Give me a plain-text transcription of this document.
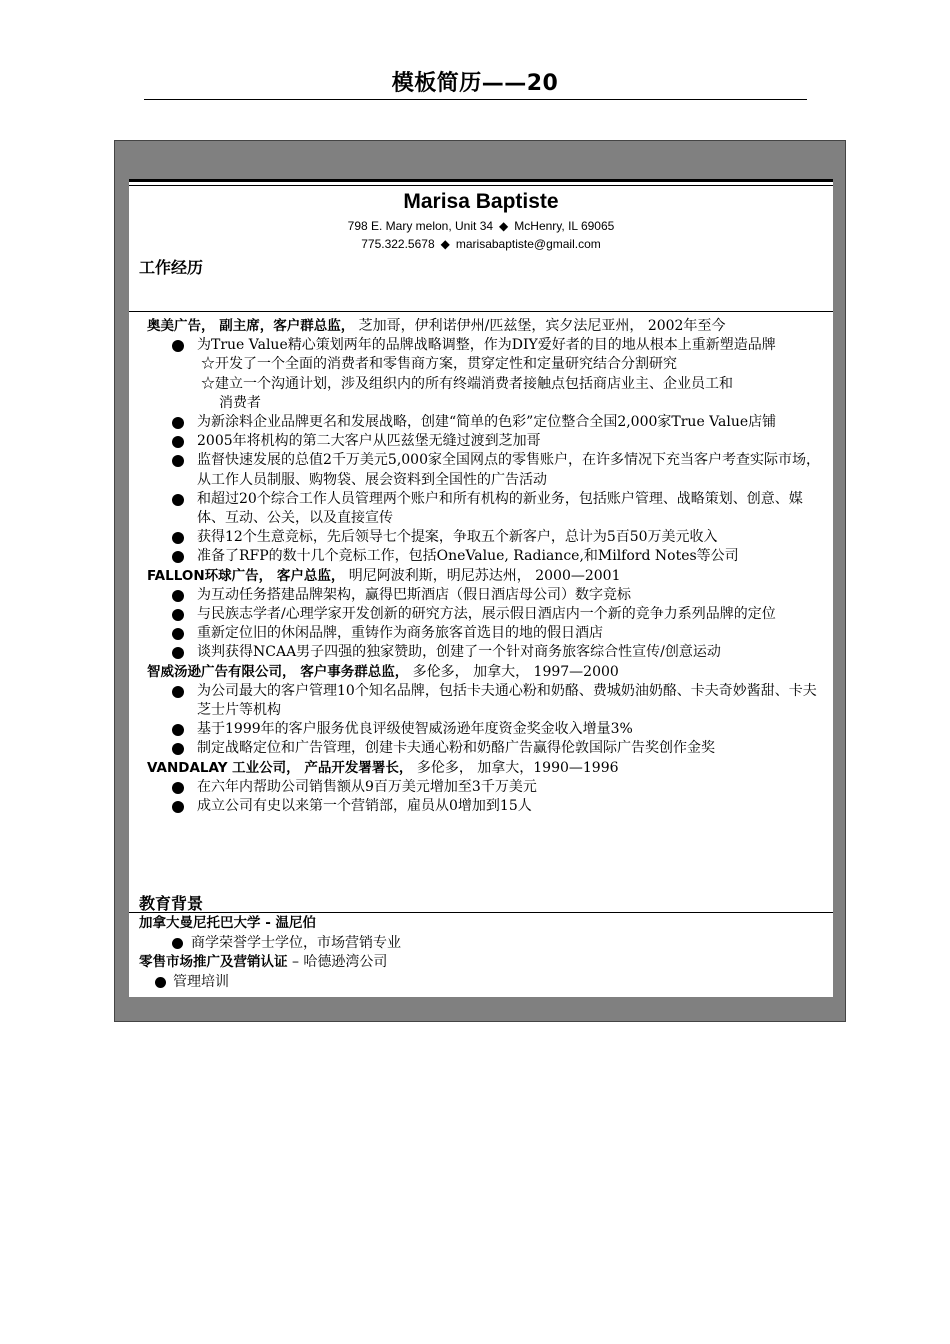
模板简历——20
Marisa Baptiste
798 E. Mary melon, Unit 34 ◆ McHenry, IL 69065
775.322.5678 ◆ marisabaptiste@gmail.com
工作经历
奥美广告， 副主席，客户群总监， 芝加哥，伊利诺伊州/匹兹堡，宾夕法尼亚州， 2002年至今
为True Value精心策划两年的品牌战略调整，作为DIY爱好者的目的地从根本上重新塑造品牌
☆开发了一个全面的消费者和零售商方案，贯穿定性和定量研究结合分割研究
☆建立一个沟通计划，涉及组织内的所有终端消费者接触点包括商店业主、企业员工和
消费者
为新涂料企业品牌更名和发展战略，创建“简单的色彩”定位整合全国2,000家True Value店铺
2005年将机构的第二大客户从匹兹堡无缝过渡到芝加哥
监督快速发展的总值2千万美元5,000家全国网点的零售账户，在许多情况下充当客户考查实际市场，从工作人员制服、购物袋、展会资料到全国性的广告活动
和超过20个综合工作人员管理两个账户和所有机构的新业务，包括账户管理、战略策划、创意、媒体、互动、公关，以及直接宣传
获得12个生意竞标，先后领导七个提案，争取五个新客户，总计为5百50万美元收入
准备了RFP的数十几个竞标工作，包括OneValue, Radiance,和Milford Notes等公司
FALLON环球广告， 客户总监， 明尼阿波利斯，明尼苏达州， 2000—2001
为互动任务搭建品牌架构，赢得巴斯酒店（假日酒店母公司）数字竞标
与民族志学者/心理学家开发创新的研究方法，展示假日酒店内一个新的竞争力系列品牌的定位
重新定位旧的休闲品牌，重铸作为商务旅客首选目的地的假日酒店
谈判获得NCAA男子四强的独家赞助，创建了一个针对商务旅客综合性宣传/创意运动
智威汤逊广告有限公司， 客户事务群总监， 多伦多， 加拿大， 1997—2000
为公司最大的客户管理10个知名品牌，包括卡夫通心粉和奶酪、费城奶油奶酪、卡夫奇妙酱甜、卡夫芝士片等机构
基于1999年的客户服务优良评级使智威汤逊年度资金奖金收入增量3%
制定战略定位和广告管理，创建卡夫通心粉和奶酪广告赢得伦敦国际广告奖创作金奖
VANDALAY 工业公司， 产品开发署署长， 多伦多， 加拿大，1990—1996
在六年内帮助公司销售额从9百万美元增加至3千万美元
成立公司有史以来第一个营销部，雇员从0增加到15人
教育背景
加拿大曼尼托巴大学 - 温尼伯
商学荣誉学士学位，市场营销专业
零售市场推广及营销认证 – 哈德逊湾公司
管理培训
